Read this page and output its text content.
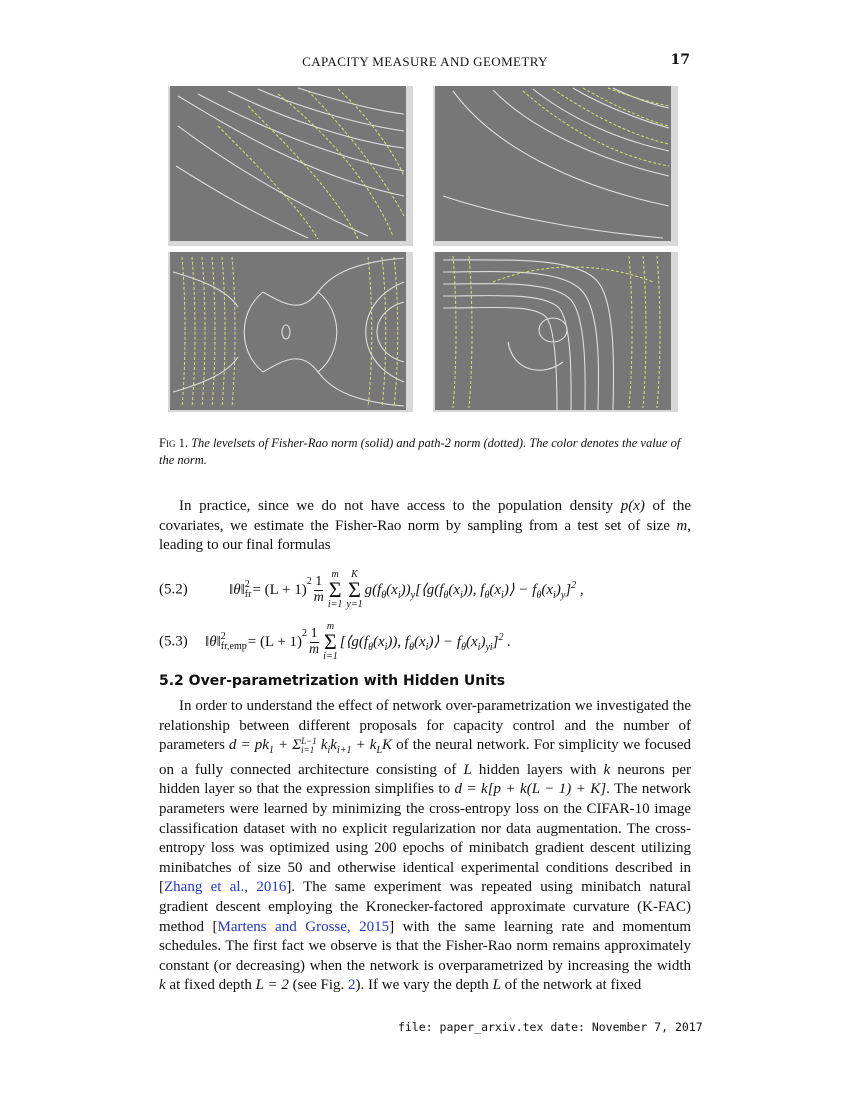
CAPACITY MEASURE AND GEOMETRY	17
Fig 1. The levelsets of Fisher-Rao norm (solid) and path-2 norm (dotted). The color denotes the value of the norm.
In practice, since we do not have access to the population density p(x) of the covariates, we estimate the Fisher-Rao norm by sampling from a test set of size m, leading to our final formulas
(5.2)	‖θ‖ 2
fr = $(L + 1)^2 \frac{1}{m}$
m
Σ
i=1
K
Σ
y=1
$g(f_\theta(x_i))_y[⟨g(f_\theta(x_i))$, $f_\theta(x_i)⟩ - f_\theta(x_i)_y]^2$ ,
(5.3) ‖θ‖ 2
$fr,emp = (L + 1)^2 \frac{1}{m}$
m
Σ
i=1
[$⟨g(f_\theta(x_i))$, $f_\theta(x_i)⟩ - f_\theta(x_i)_{yi}]^2$ .
5.2 Over-parametrization with Hidden Units
In order to understand the effect of network over-parametrization we investigated the relationship between different proposals for capacity control and the number of parameters $d = pk_1 + \Sigma$ L−1
i=1 $k_ik_{i+1} + k_LK$ of the neural network. For simplicity we focused on a fully connected architecture consisting of L hidden layers with k neurons per hidden layer so that the expression simplifies to d = k[p + k(L − 1) + K]. The network parameters were learned by minimizing the cross-entropy loss on the CIFAR-10 image classification dataset with no explicit regularization nor data augmentation. The cross-entropy loss was optimized using 200 epochs of minibatch gradient descent utilizing minibatches of size 50 and otherwise identical experimental conditions described in [Zhang et al., 2016]. The same experiment was repeated using minibatch natural gradient descent employing the Kronecker-factored approximate curvature (K-FAC) method [Martens and Grosse, 2015] with the same learning rate and momentum schedules. The first fact we observe is that the Fisher-Rao norm remains approximately constant (or decreasing) when the network is overparametrized by increasing the width k at fixed depth L = 2 (see Fig. 2). If we vary the depth L of the network at fixed
file: paper_arxiv.tex date: November 7, 2017
